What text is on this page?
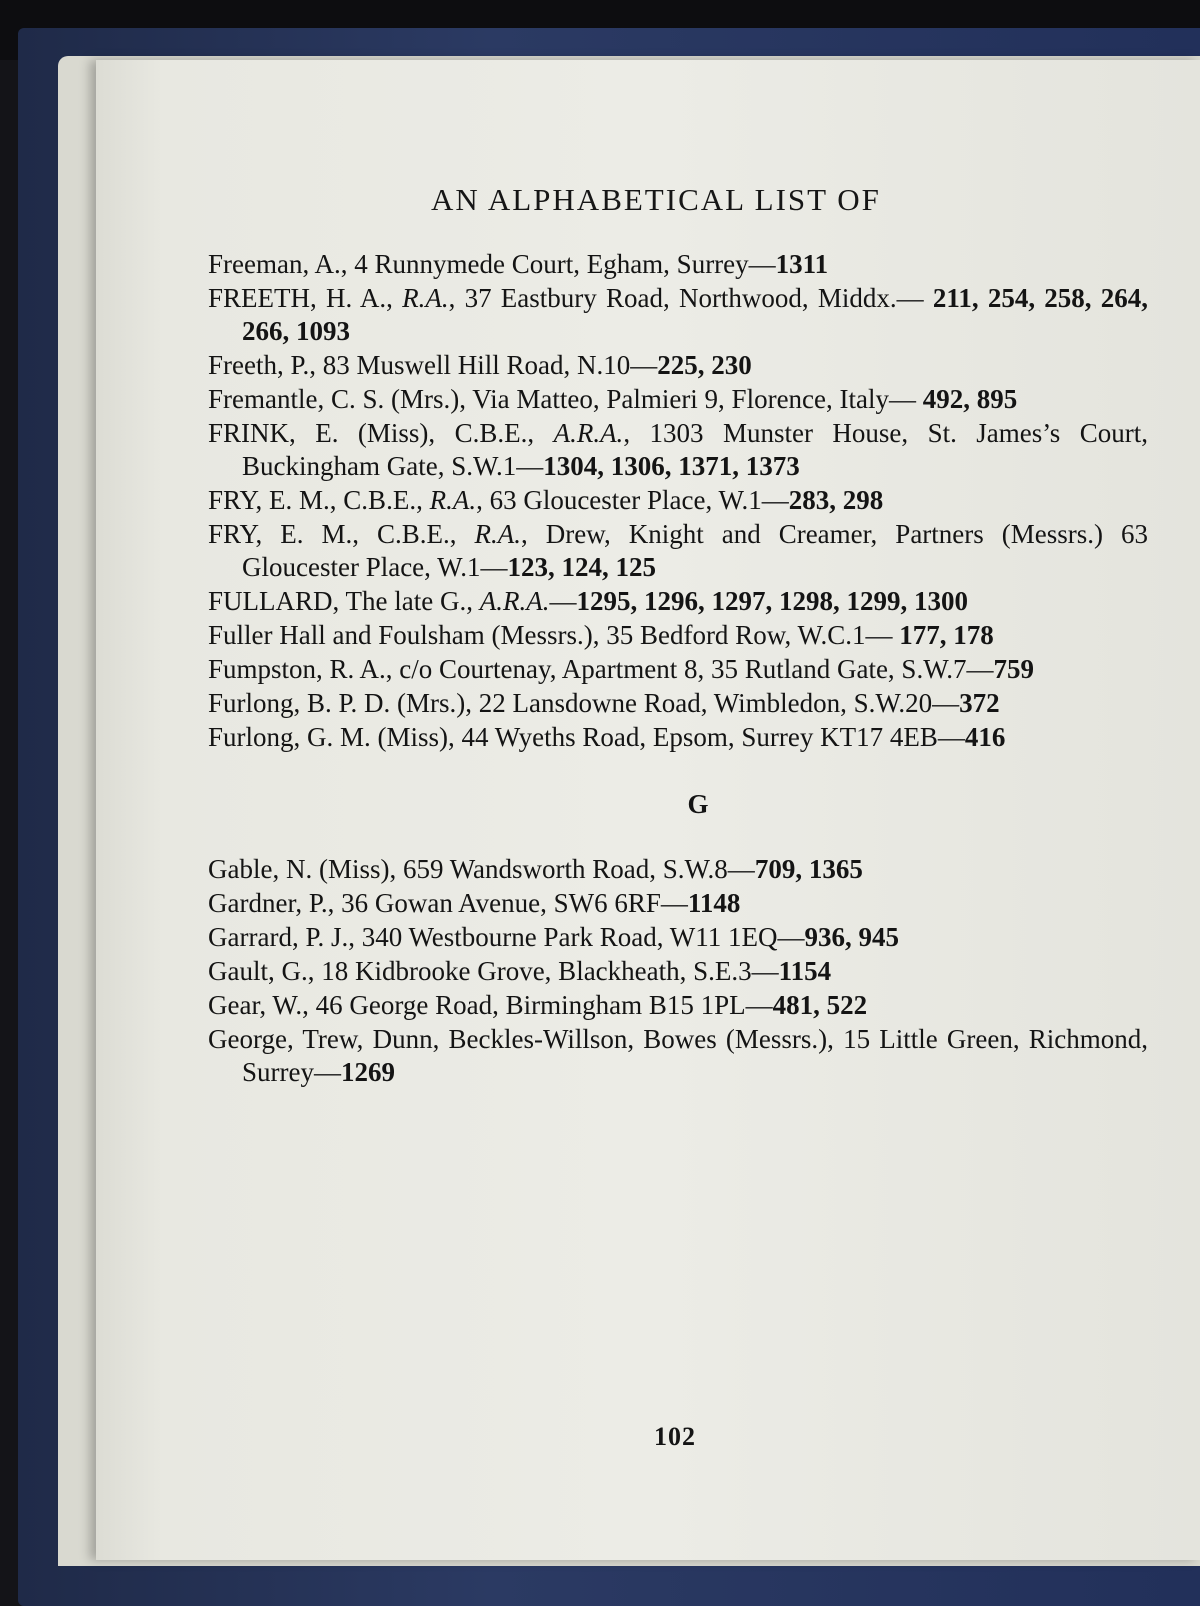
AN ALPHABETICAL LIST OF
Freeman, A., 4 Runnymede Court, Egham, Surrey—1311
FREETH, H. A., R.A., 37 Eastbury Road, Northwood, Middx.— 211, 254, 258, 264, 266, 1093
Freeth, P., 83 Muswell Hill Road, N.10—225, 230
Fremantle, C. S. (Mrs.), Via Matteo, Palmieri 9, Florence, Italy— 492, 895
FRINK, E. (Miss), C.B.E., A.R.A., 1303 Munster House, St. James’s Court, Buckingham Gate, S.W.1—1304, 1306, 1371, 1373
FRY, E. M., C.B.E., R.A., 63 Gloucester Place, W.1—283, 298
FRY, E. M., C.B.E., R.A., Drew, Knight and Creamer, Partners (Messrs.) 63 Gloucester Place, W.1—123, 124, 125
FULLARD, The late G., A.R.A.—1295, 1296, 1297, 1298, 1299, 1300
Fuller Hall and Foulsham (Messrs.), 35 Bedford Row, W.C.1— 177, 178
Fumpston, R. A., c/o Courtenay, Apartment 8, 35 Rutland Gate, S.W.7—759
Furlong, B. P. D. (Mrs.), 22 Lansdowne Road, Wimbledon, S.W.20—372
Furlong, G. M. (Miss), 44 Wyeths Road, Epsom, Surrey KT17 4EB—416
G
Gable, N. (Miss), 659 Wandsworth Road, S.W.8—709, 1365
Gardner, P., 36 Gowan Avenue, SW6 6RF—1148
Garrard, P. J., 340 Westbourne Park Road, W11 1EQ—936, 945
Gault, G., 18 Kidbrooke Grove, Blackheath, S.E.3—1154
Gear, W., 46 George Road, Birmingham B15 1PL—481, 522
George, Trew, Dunn, Beckles-Willson, Bowes (Messrs.), 15 Little Green, Richmond, Surrey—1269
102
